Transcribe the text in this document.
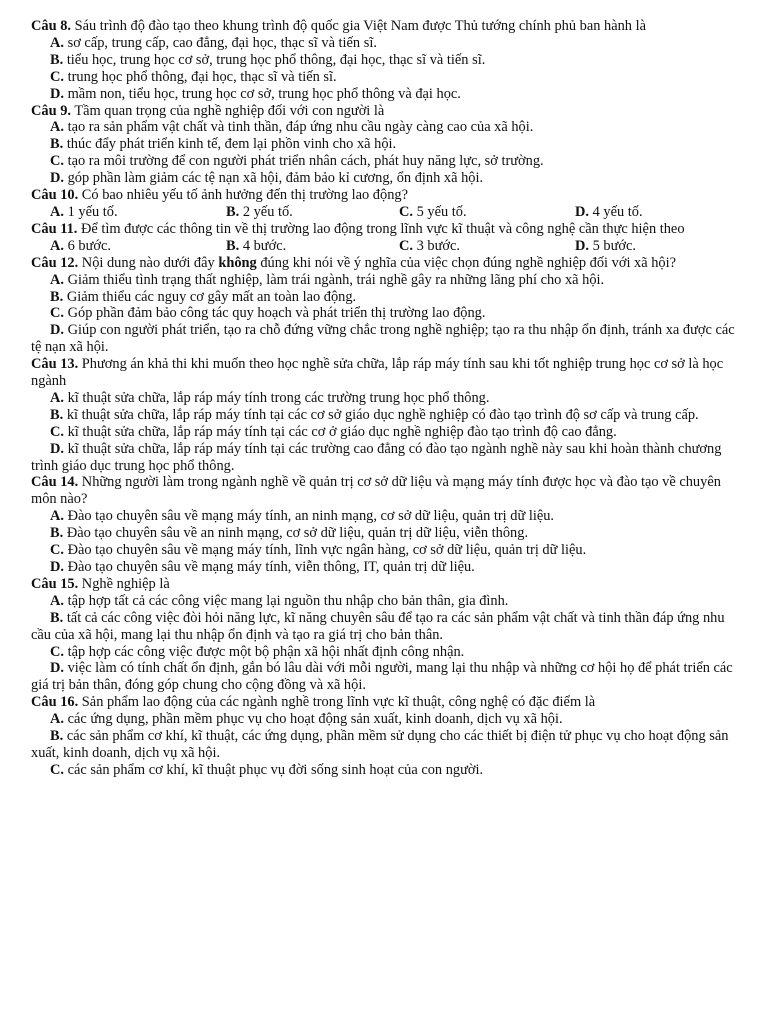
Câu 8. Sáu trình độ đào tạo theo khung trình độ quốc gia Việt Nam được Thủ tướng chính phủ ban hành là

A. sơ cấp, trung cấp, cao đẳng, đại học, thạc sĩ và tiến sĩ.

B. tiểu học, trung học cơ sở, trung học phổ thông, đại học, thạc sĩ và tiến sĩ.

C. trung học phổ thông, đại học, thạc sĩ và tiến sĩ.

D. mầm non, tiểu học, trung học cơ sở, trung học phổ thông và đại học.

Câu 9. Tầm quan trọng của nghề nghiệp đối với con người là

A. tạo ra sản phẩm vật chất và tinh thần, đáp ứng nhu cầu ngày càng cao của xã hội.

B. thúc đẩy phát triển kinh tế, đem lại phồn vinh cho xã hội.

C. tạo ra môi trường để con người phát triển nhân cách, phát huy năng lực, sở trường.

D. góp phần làm giảm các tệ nạn xã hội, đảm bảo kỉ cương, ổn định xã hội.

Câu 10. Có bao nhiêu yếu tố ảnh hưởng đến thị trường lao động?

A. 1 yếu tố.	B. 2 yếu tố.	C. 5 yếu tố.	D. 4 yếu tố.

Câu 11. Để tìm được các thông tin về thị trường lao động trong lĩnh vực kĩ thuật và công nghệ cần thực hiện theo

A. 6 bước.	B. 4 bước.	C. 3 bước.	D. 5 bước.

Câu 12. Nội dung nào dưới đây không đúng khi nói về ý nghĩa của việc chọn đúng nghề nghiệp đối với xã hội?

A. Giảm thiểu tình trạng thất nghiệp, làm trái ngành, trái nghề gây ra những lãng phí cho xã hội.

B. Giảm thiểu các nguy cơ gây mất an toàn lao động.

C. Góp phần đảm bảo công tác quy hoạch và phát triển thị trường lao động.

D. Giúp con người phát triển, tạo ra chỗ đứng vững chắc trong nghề nghiệp; tạo ra thu nhập ổn định, tránh xa được các tệ nạn xã hội.

Câu 13. Phương án khả thi khi muốn theo học nghề sửa chữa, lắp ráp máy tính sau khi tốt nghiệp trung học cơ sở là học ngành

A. kĩ thuật sửa chữa, lắp ráp máy tính trong các trường trung học phổ thông.

B. kĩ thuật sửa chữa, lắp ráp máy tính tại các cơ sở giáo dục nghề nghiệp có đào tạo trình độ sơ cấp và trung cấp.

C. kĩ thuật sửa chữa, lắp ráp máy tính tại các cơ ở giáo dục nghề nghiệp đào tạo trình độ cao đẳng.

D. kĩ thuật sửa chữa, lắp ráp máy tính tại các trường cao đẳng có đào tạo ngành nghề này sau khi hoàn thành chương trình giáo dục trung học phổ thông.

Câu 14. Những người làm trong ngành nghề về quản trị cơ sở dữ liệu và mạng máy tính được học và đào tạo về chuyên môn nào?

A. Đào tạo chuyên sâu về mạng máy tính, an ninh mạng, cơ sở dữ liệu, quản trị dữ liệu.

B. Đào tạo chuyên sâu về an ninh mạng, cơ sở dữ liệu, quản trị dữ liệu, viễn thông.

C. Đào tạo chuyên sâu về mạng máy tính, lĩnh vực ngân hàng, cơ sở dữ liệu, quản trị dữ liệu.

D. Đào tạo chuyên sâu về mạng máy tính, viễn thông, IT, quản trị dữ liệu.

Câu 15. Nghề nghiệp là

A. tập hợp tất cả các công việc mang lại nguồn thu nhập cho bản thân, gia đình.

B. tất cả các công việc đòi hỏi năng lực, kĩ năng chuyên sâu để tạo ra các sản phẩm vật chất và tinh thần đáp ứng nhu cầu của xã hội, mang lại thu nhập ổn định và tạo ra giá trị cho bản thân.

C. tập hợp các công việc được một bộ phận xã hội nhất định công nhận.

D. việc làm có tính chất ổn định, gắn bó lâu dài với mỗi người, mang lại thu nhập và những cơ hội họ để phát triển các giá trị bản thân, đóng góp chung cho cộng đồng và xã hội.

Câu 16. Sản phẩm lao động của các ngành nghề trong lĩnh vực kĩ thuật, công nghệ có đặc điểm là

A. các ứng dụng, phần mềm phục vụ cho hoạt động sản xuất, kinh doanh, dịch vụ xã hội.

B. các sản phẩm cơ khí, kĩ thuật, các ứng dụng, phần mềm sử dụng cho các thiết bị điện tử phục vụ cho hoạt động sản xuất, kinh doanh, dịch vụ xã hội.

C. các sản phẩm cơ khí, kĩ thuật phục vụ đời sống sinh hoạt của con người.
